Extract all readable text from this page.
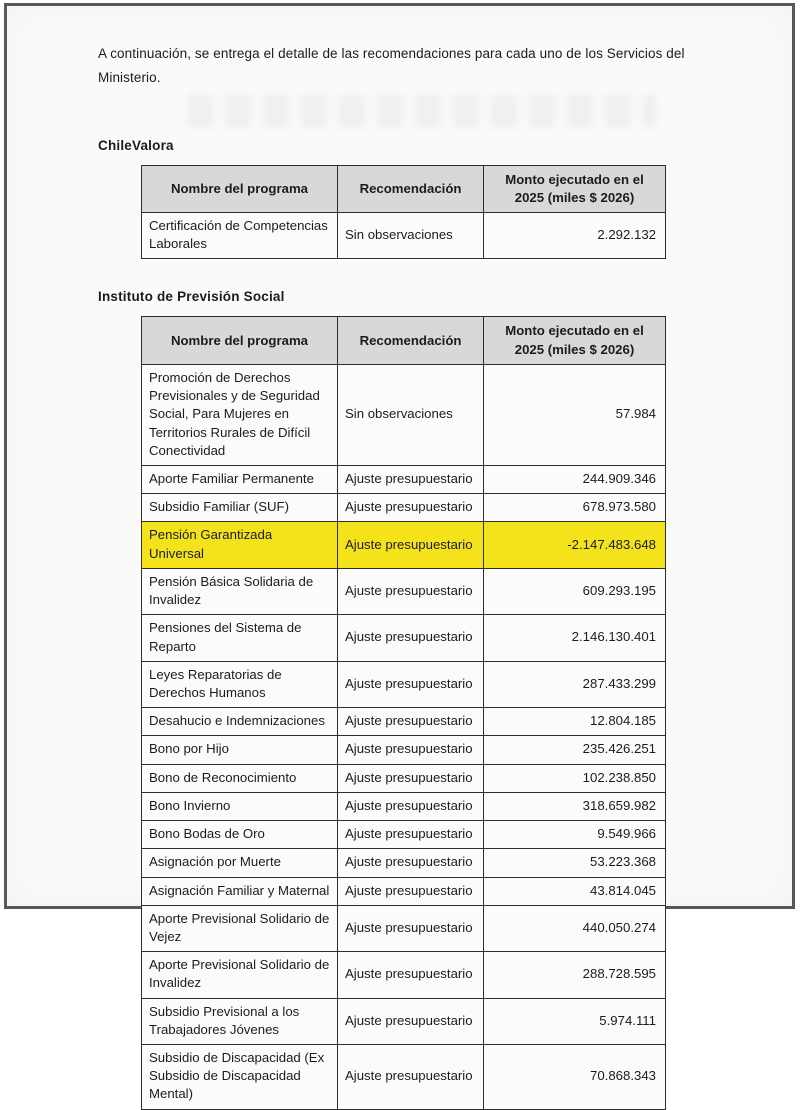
A continuación, se entrega el detalle de las recomendaciones para cada uno de los Servicios del Ministerio.

ChileValora
Nombre del programa	Recomendación	Monto ejecutado en el 2025 (miles $ 2026)
Certificación de Competencias Laborales	Sin observaciones	2.292.132
Instituto de Previsión Social
Nombre del programa	Recomendación	Monto ejecutado en el 2025 (miles $ 2026)
Promoción de Derechos Previsionales y de Seguridad Social, Para Mujeres en Territorios Rurales de Difícil Conectividad	Sin observaciones	57.984
Aporte Familiar Permanente	Ajuste presupuestario	244.909.346
Subsidio Familiar (SUF)	Ajuste presupuestario	678.973.580
Pensión Garantizada Universal	Ajuste presupuestario	-2.147.483.648
Pensión Básica Solidaria de Invalidez	Ajuste presupuestario	609.293.195
Pensiones del Sistema de Reparto	Ajuste presupuestario	2.146.130.401
Leyes Reparatorias de Derechos Humanos	Ajuste presupuestario	287.433.299
Desahucio e Indemnizaciones	Ajuste presupuestario	12.804.185
Bono por Hijo	Ajuste presupuestario	235.426.251
Bono de Reconocimiento	Ajuste presupuestario	102.238.850
Bono Invierno	Ajuste presupuestario	318.659.982
Bono Bodas de Oro	Ajuste presupuestario	9.549.966
Asignación por Muerte	Ajuste presupuestario	53.223.368
Asignación Familiar y Maternal	Ajuste presupuestario	43.814.045
Aporte Previsional Solidario de Vejez	Ajuste presupuestario	440.050.274
Aporte Previsional Solidario de Invalidez	Ajuste presupuestario	288.728.595
Subsidio Previsional a los Trabajadores Jóvenes	Ajuste presupuestario	5.974.111
Subsidio de Discapacidad (Ex Subsidio de Discapacidad Mental)	Ajuste presupuestario	70.868.343
